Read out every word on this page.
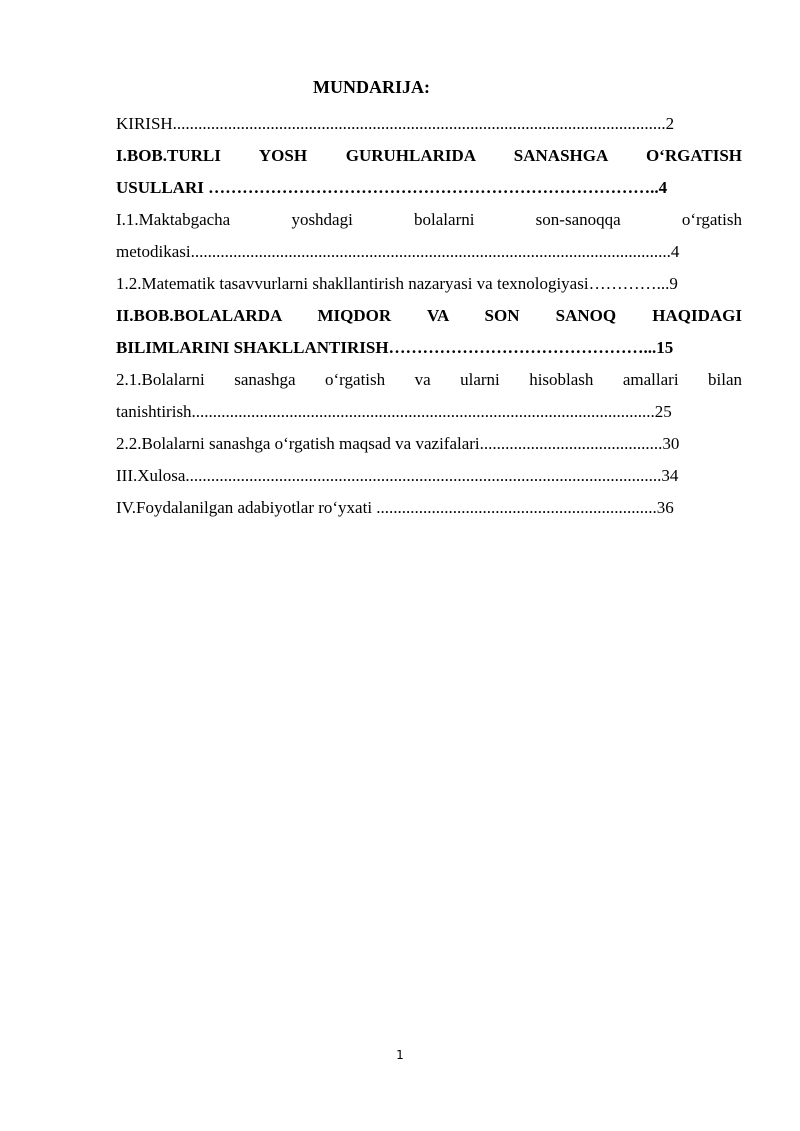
MUNDARIJA:
KIRISH....................................................................................................................2
I.BOB.TURLI YOSH GURUHLARIDA SANASHGA O‘RGATISH
USULLARI ……………………………………………………………………..4
I.1.Maktabgacha yoshdagi bolalarni son-sanoqqa o‘rgatish
metodikasi.................................................................................................................4
1.2.Matematik tasavvurlarni shakllantirish nazaryasi va texnologiyasi…………...9
II.BOB.BOLALARDA MIQDOR VA SON SANOQ HAQIDAGI
BILIMLARINI SHAKLLANTIRISH………………………………………...15
2.1.Bolalarni sanashga o‘rgatish va ularni hisoblash amallari bilan
tanishtirish.............................................................................................................25
2.2.Bolalarni sanashga o‘rgatish maqsad va vazifalari...........................................30
III.Xulosa................................................................................................................34
IV.Foydalanilgan adabiyotlar ro‘yxati ..................................................................36
1
